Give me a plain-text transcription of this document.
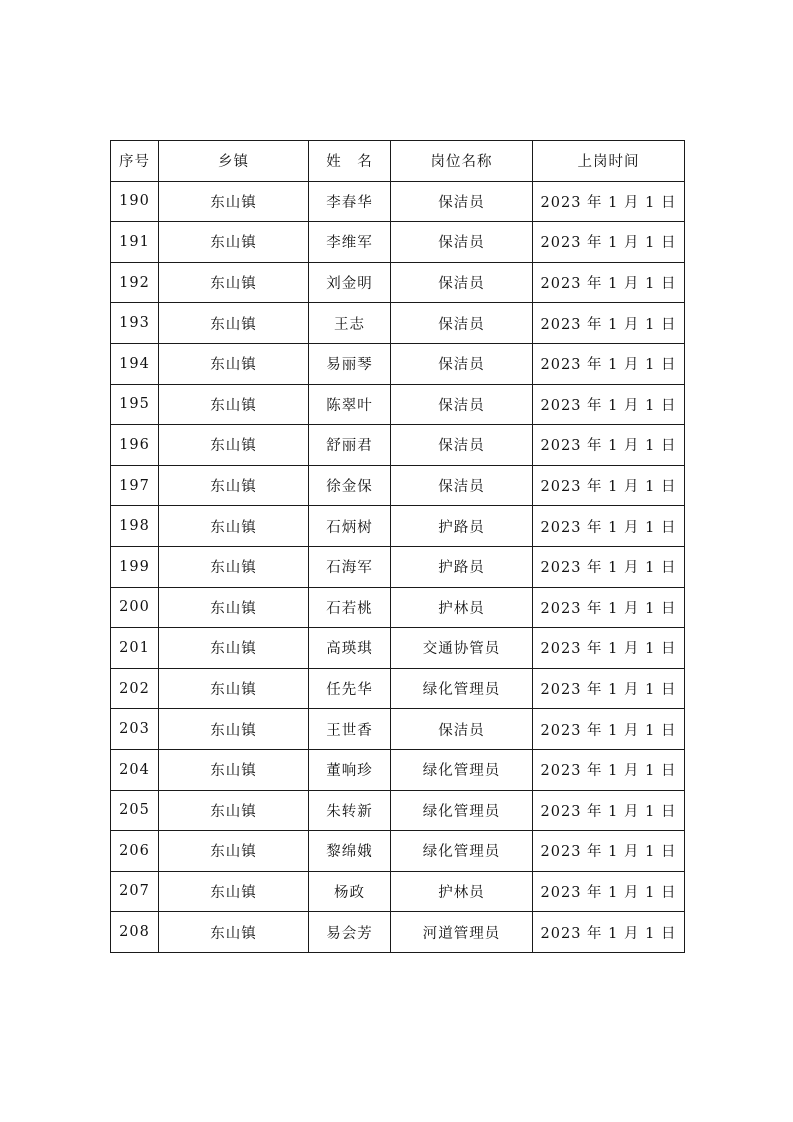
序号	乡镇	姓　名	岗位名称	上岗时间
190	东山镇	李春华	保洁员	2023 年 1 月 1 日
191	东山镇	李维军	保洁员	2023 年 1 月 1 日
192	东山镇	刘金明	保洁员	2023 年 1 月 1 日
193	东山镇	王志	保洁员	2023 年 1 月 1 日
194	东山镇	易丽琴	保洁员	2023 年 1 月 1 日
195	东山镇	陈翠叶	保洁员	2023 年 1 月 1 日
196	东山镇	舒丽君	保洁员	2023 年 1 月 1 日
197	东山镇	徐金保	保洁员	2023 年 1 月 1 日
198	东山镇	石炳树	护路员	2023 年 1 月 1 日
199	东山镇	石海军	护路员	2023 年 1 月 1 日
200	东山镇	石若桃	护林员	2023 年 1 月 1 日
201	东山镇	高瑛琪	交通协管员	2023 年 1 月 1 日
202	东山镇	任先华	绿化管理员	2023 年 1 月 1 日
203	东山镇	王世香	保洁员	2023 年 1 月 1 日
204	东山镇	董响珍	绿化管理员	2023 年 1 月 1 日
205	东山镇	朱转新	绿化管理员	2023 年 1 月 1 日
206	东山镇	黎绵娥	绿化管理员	2023 年 1 月 1 日
207	东山镇	杨政	护林员	2023 年 1 月 1 日
208	东山镇	易会芳	河道管理员	2023 年 1 月 1 日
